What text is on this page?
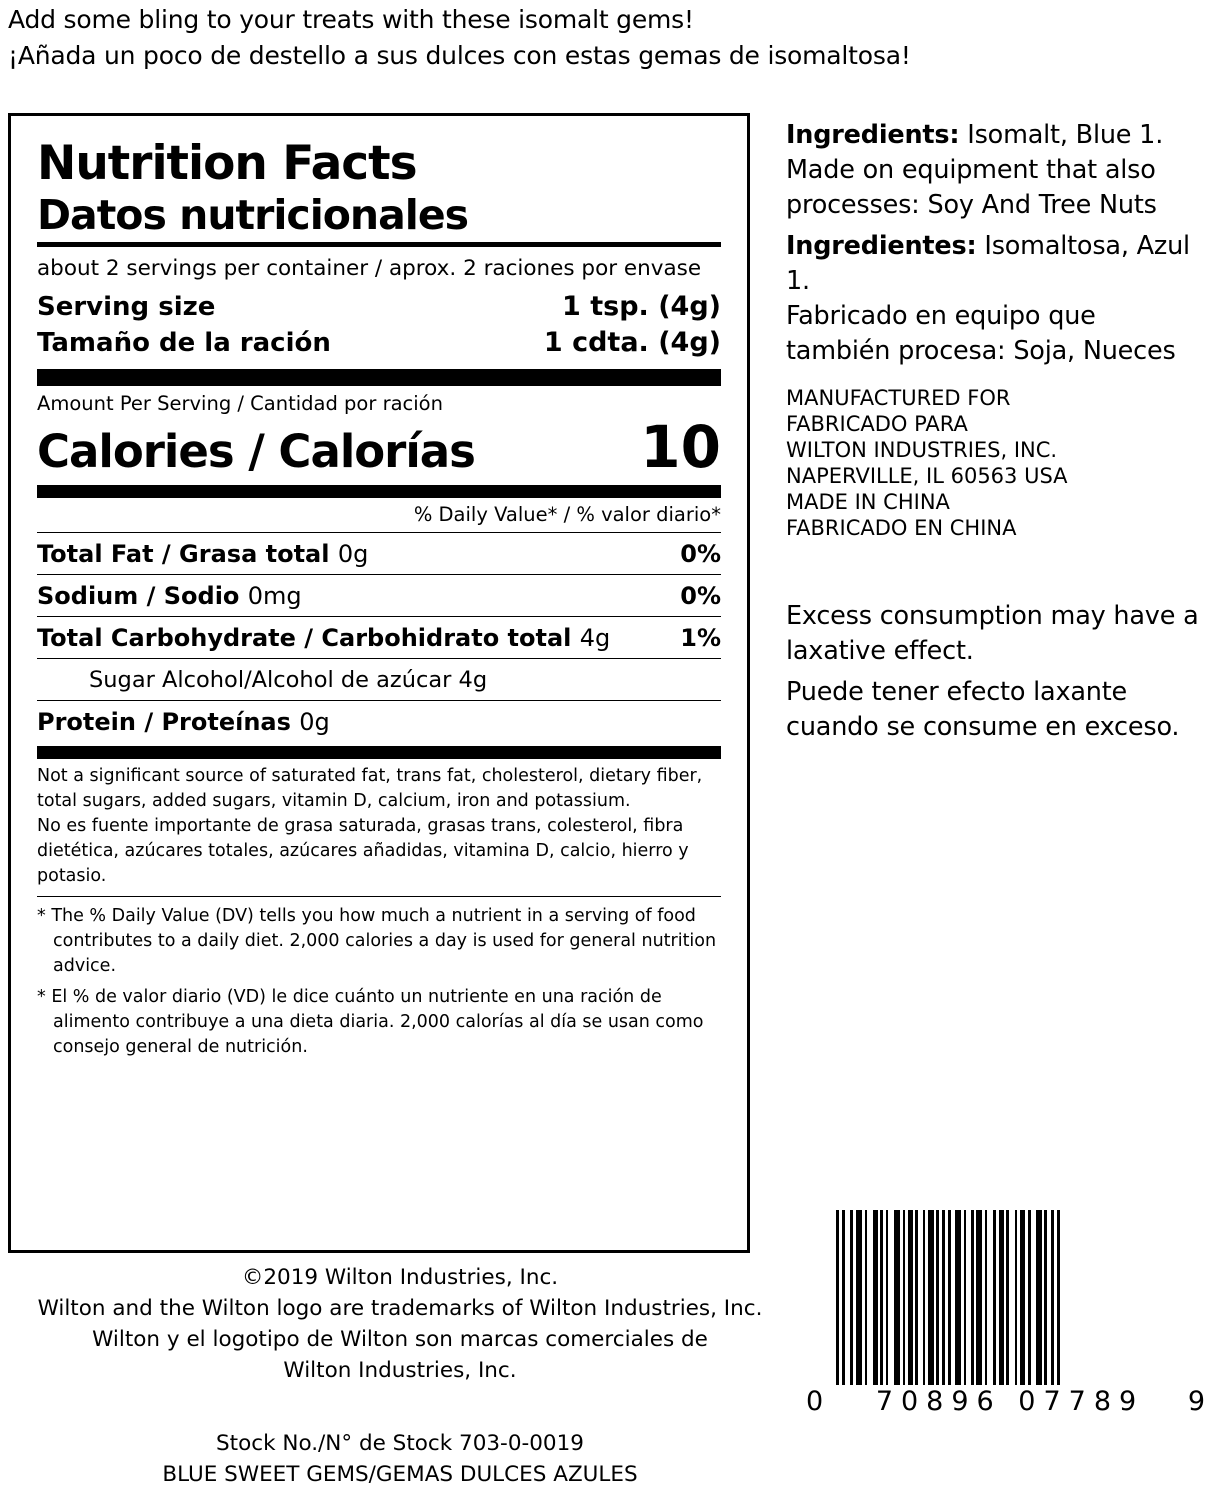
Add some bling to your treats with these isomalt gems!
¡Añada un poco de destello a sus dulces con estas gemas de isomaltosa!
Nutrition Facts
Datos nutricionales
about 2 servings per container / aprox. 2 raciones por envase
Serving size	1 tsp. (4g)
Tamaño de la ración	1 cdta. (4g)
Amount Per Serving / Cantidad por ración
Calories / Calorías	10
% Daily Value* / % valor diario*
Total Fat / Grasa total 0g	0%
Sodium / Sodio 0mg	0%
Total Carbohydrate / Carbohidrato total 4g	1%
Sugar Alcohol/Alcohol de azúcar 4g
Protein / Proteínas 0g

Not a significant source of saturated fat, trans fat, cholesterol, dietary fiber, total sugars, added sugars, vitamin D, calcium, iron and potassium.

No es fuente importante de grasa saturada, grasas trans, colesterol, fibra dietética, azúcares totales, azúcares añadidas, vitamina D, calcio, hierro y potasio.

* The % Daily Value (DV) tells you how much a nutrient in a serving of food contributes to a daily diet. 2,000 calories a day is used for general nutrition advice.

* El % de valor diario (VD) le dice cuánto un nutriente en una ración de alimento contribuye a una dieta diaria. 2,000 calorías al día se usan como consejo general de nutrición.

Ingredients: Isomalt, Blue 1.

Made on equipment that also processes: Soy And Tree Nuts

Ingredientes: Isomaltosa, Azul 1.

Fabricado en equipo que también procesa: Soja, Nueces

MANUFACTURED FOR
FABRICADO PARA
WILTON INDUSTRIES, INC.
NAPERVILLE, IL 60563 USA
MADE IN CHINA
FABRICADO EN CHINA
Excess consumption may have a laxative effect.
Puede tener efecto laxante cuando se consume en exceso.
0	70896 07789	9
©2019 Wilton Industries, Inc.
Wilton and the Wilton logo are trademarks of Wilton Industries, Inc.
Wilton y el logotipo de Wilton son marcas comerciales de
Wilton Industries, Inc.
Stock No./N° de Stock 703-0-0019
BLUE SWEET GEMS/GEMAS DULCES AZULES
